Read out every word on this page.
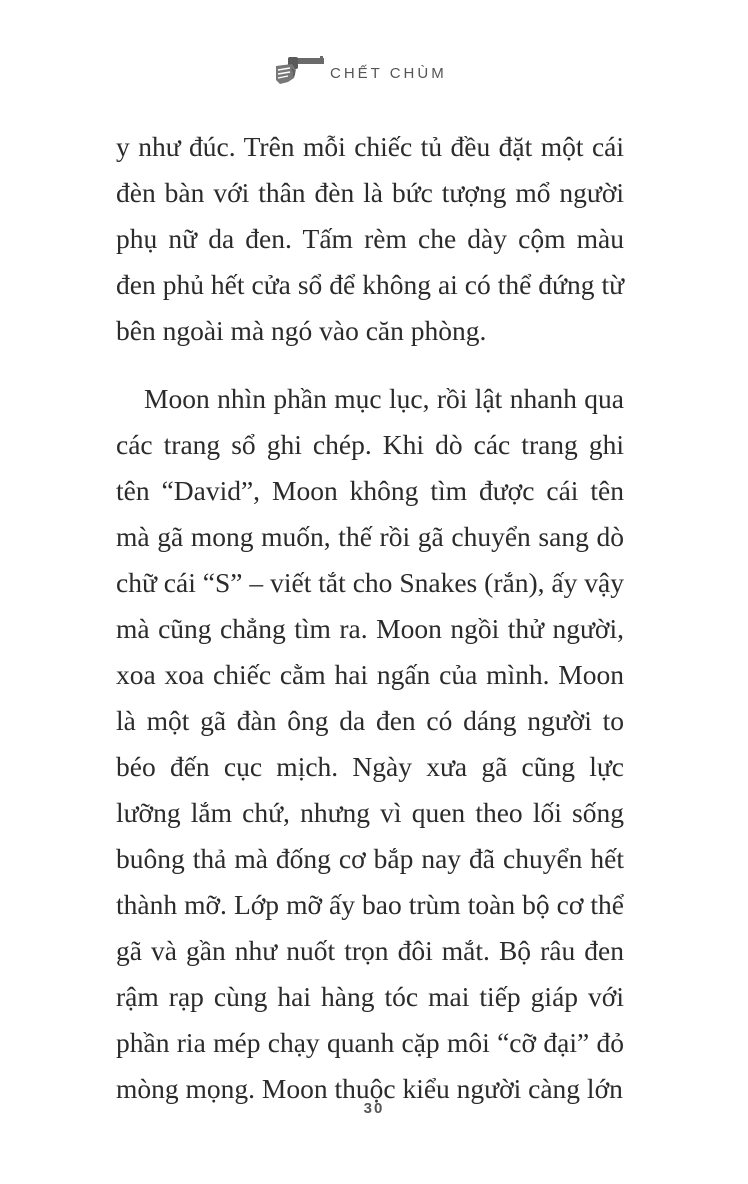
CHẾT CHÙM

y như đúc. Trên mỗi chiếc tủ đều đặt một cái đèn bàn với thân đèn là bức tượng mổ người phụ nữ da đen. Tấm rèm che dày cộm màu đen phủ hết cửa sổ để không ai có thể đứng từ bên ngoài mà ngó vào căn phòng.

Moon nhìn phần mục lục, rồi lật nhanh qua các trang sổ ghi chép. Khi dò các trang ghi tên “David”, Moon không tìm được cái tên mà gã mong muốn, thế rồi gã chuyển sang dò chữ cái “S” – viết tắt cho Snakes (rắn), ấy vậy mà cũng chẳng tìm ra. Moon ngồi thử người, xoa xoa chiếc cằm hai ngấn của mình. Moon là một gã đàn ông da đen có dáng người to béo đến cục mịch. Ngày xưa gã cũng lực lưỡng lắm chứ, nhưng vì quen theo lối sống buông thả mà đống cơ bắp nay đã chuyển hết thành mỡ. Lớp mỡ ấy bao trùm toàn bộ cơ thể gã và gần như nuốt trọn đôi mắt. Bộ râu đen rậm rạp cùng hai hàng tóc mai tiếp giáp với phần ria mép chạy quanh cặp môi “cỡ đại” đỏ mòng mọng. Moon thuộc kiểu người càng lớn

30
